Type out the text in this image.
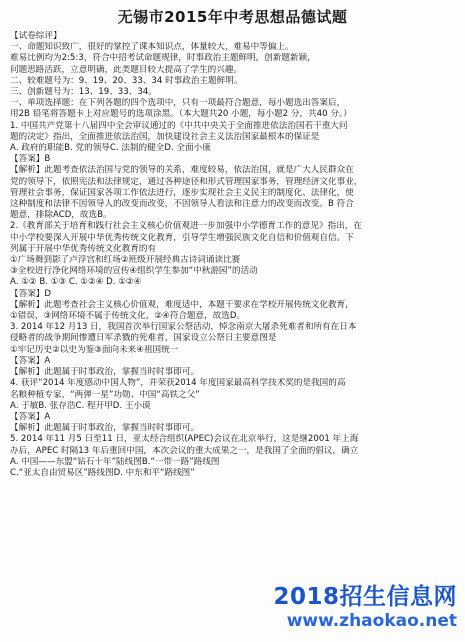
无锡市2015年中考思想品德试题

【试卷综评】

一、命题知识致广，很好的掌控了课本知识点，体量较大，难易中等偏上。

难易比例均为2:5:3，符合中招考试命题规律，时事政治主题鲜明，创新题新颖，

问题思路活跃，立意明确，此类题目较大提高了学生的兴趣。

二、较难题号为：9、19、20、33、34 时事政治主题鲜明。

三、创新题号为：13、19、33、34。

一、单项选择题：在下列各题的四个选项中，只有一项最符合题意，每小题选出答案后，

用2B 铅笔将答题卡上对应题号的选项涂黑。（本大题共20 小题，每小题2 分，共40 分。）

1. 中国共产党第十八届四中全会审议通过的《中共中央关于全面推进依法治国若干重大问

题的决定》指出，全面推进依法治国，加快建设社会主义法治国家最根本的保证是

A. 政府的职能B. 党的领导C. 法制的健全D. 全面小康

【答案】B

【解析】此题考查依法治国与党的领导的关系，难度较易，依法治国，就是广大人民群众在

党的领导下，依照宪法和法律规定，通过各种途径和形式管理国家事务，管理经济文化事业，

管理社会事务，保证国家各项工作依法进行，逐步实现社会主义民主的制度化、法律化，使

这种制度和法律不因领导人的改变而改变，不因领导人看法和注意力的改变而改变。B 符合

题意，排除ACD，故选B。

2.《教育部关于培育和践行社会主义核心价值观进一步加强中小学德育工作的意见》指出，在

中小学校要深入开展中华优秀传统文化教育，引导学生增强民族文化自信和价值观自信。下

列属于开展中华优秀传统文化教育的有

①广场舞到影了卢浮宫和红场②班级开展经典古诗词诵读比赛

③全校进行净化网络环境的宣传④组织学生参加“中秋游园”的活动

A. ①② B. ①③ C. ①②④ D. ①②④

【答案】D

【解析】此题考查社会主义核心价值观，难度适中，本题干要求在学校开展传统文化教育，

①错误，③网络环境不属于传统文化，②④符合题意，故选D。

3. 2014 年12 月13 日，我国首次举行国家公祭活动，悼念南京大屠杀死难者和所有在日本

侵略者的战争期间惨遭日军杀戮的死难者，国家设立公祭日主要意图是

①牢记历史②以史为鉴③面向未来④祖国统一

【答案】A

【解析】此题属于时事政治，掌握当时时事即可。

4. 获评“2014 年度感动中国人物”，并荣获2014 年度国家最高科学技术奖的是我国的高

名粮种植专家，“两弹一星”功勋、中国“高铁之父”

A. 于敏B. 张存浩C. 程开甲D. 王小谟

【答案】A

【解析】此题属于时事政治，掌握当时时事即可。

5. 2014 年11 月5 日至11 日，亚太经合组织(APEC)会议在北京举行，这是继2001 年上海

办后，APEC 时隔13 年后重回中国，本次会议的重大成果之一，是我国了全面的倡议，确立

A. 中国——东盟“钻石十年”陆线图B.“一带一路”路线图

C.“亚太自由贸易区”路线图D. 中东和平“路线图”

2018招生信息网
www.zhaokao.net
